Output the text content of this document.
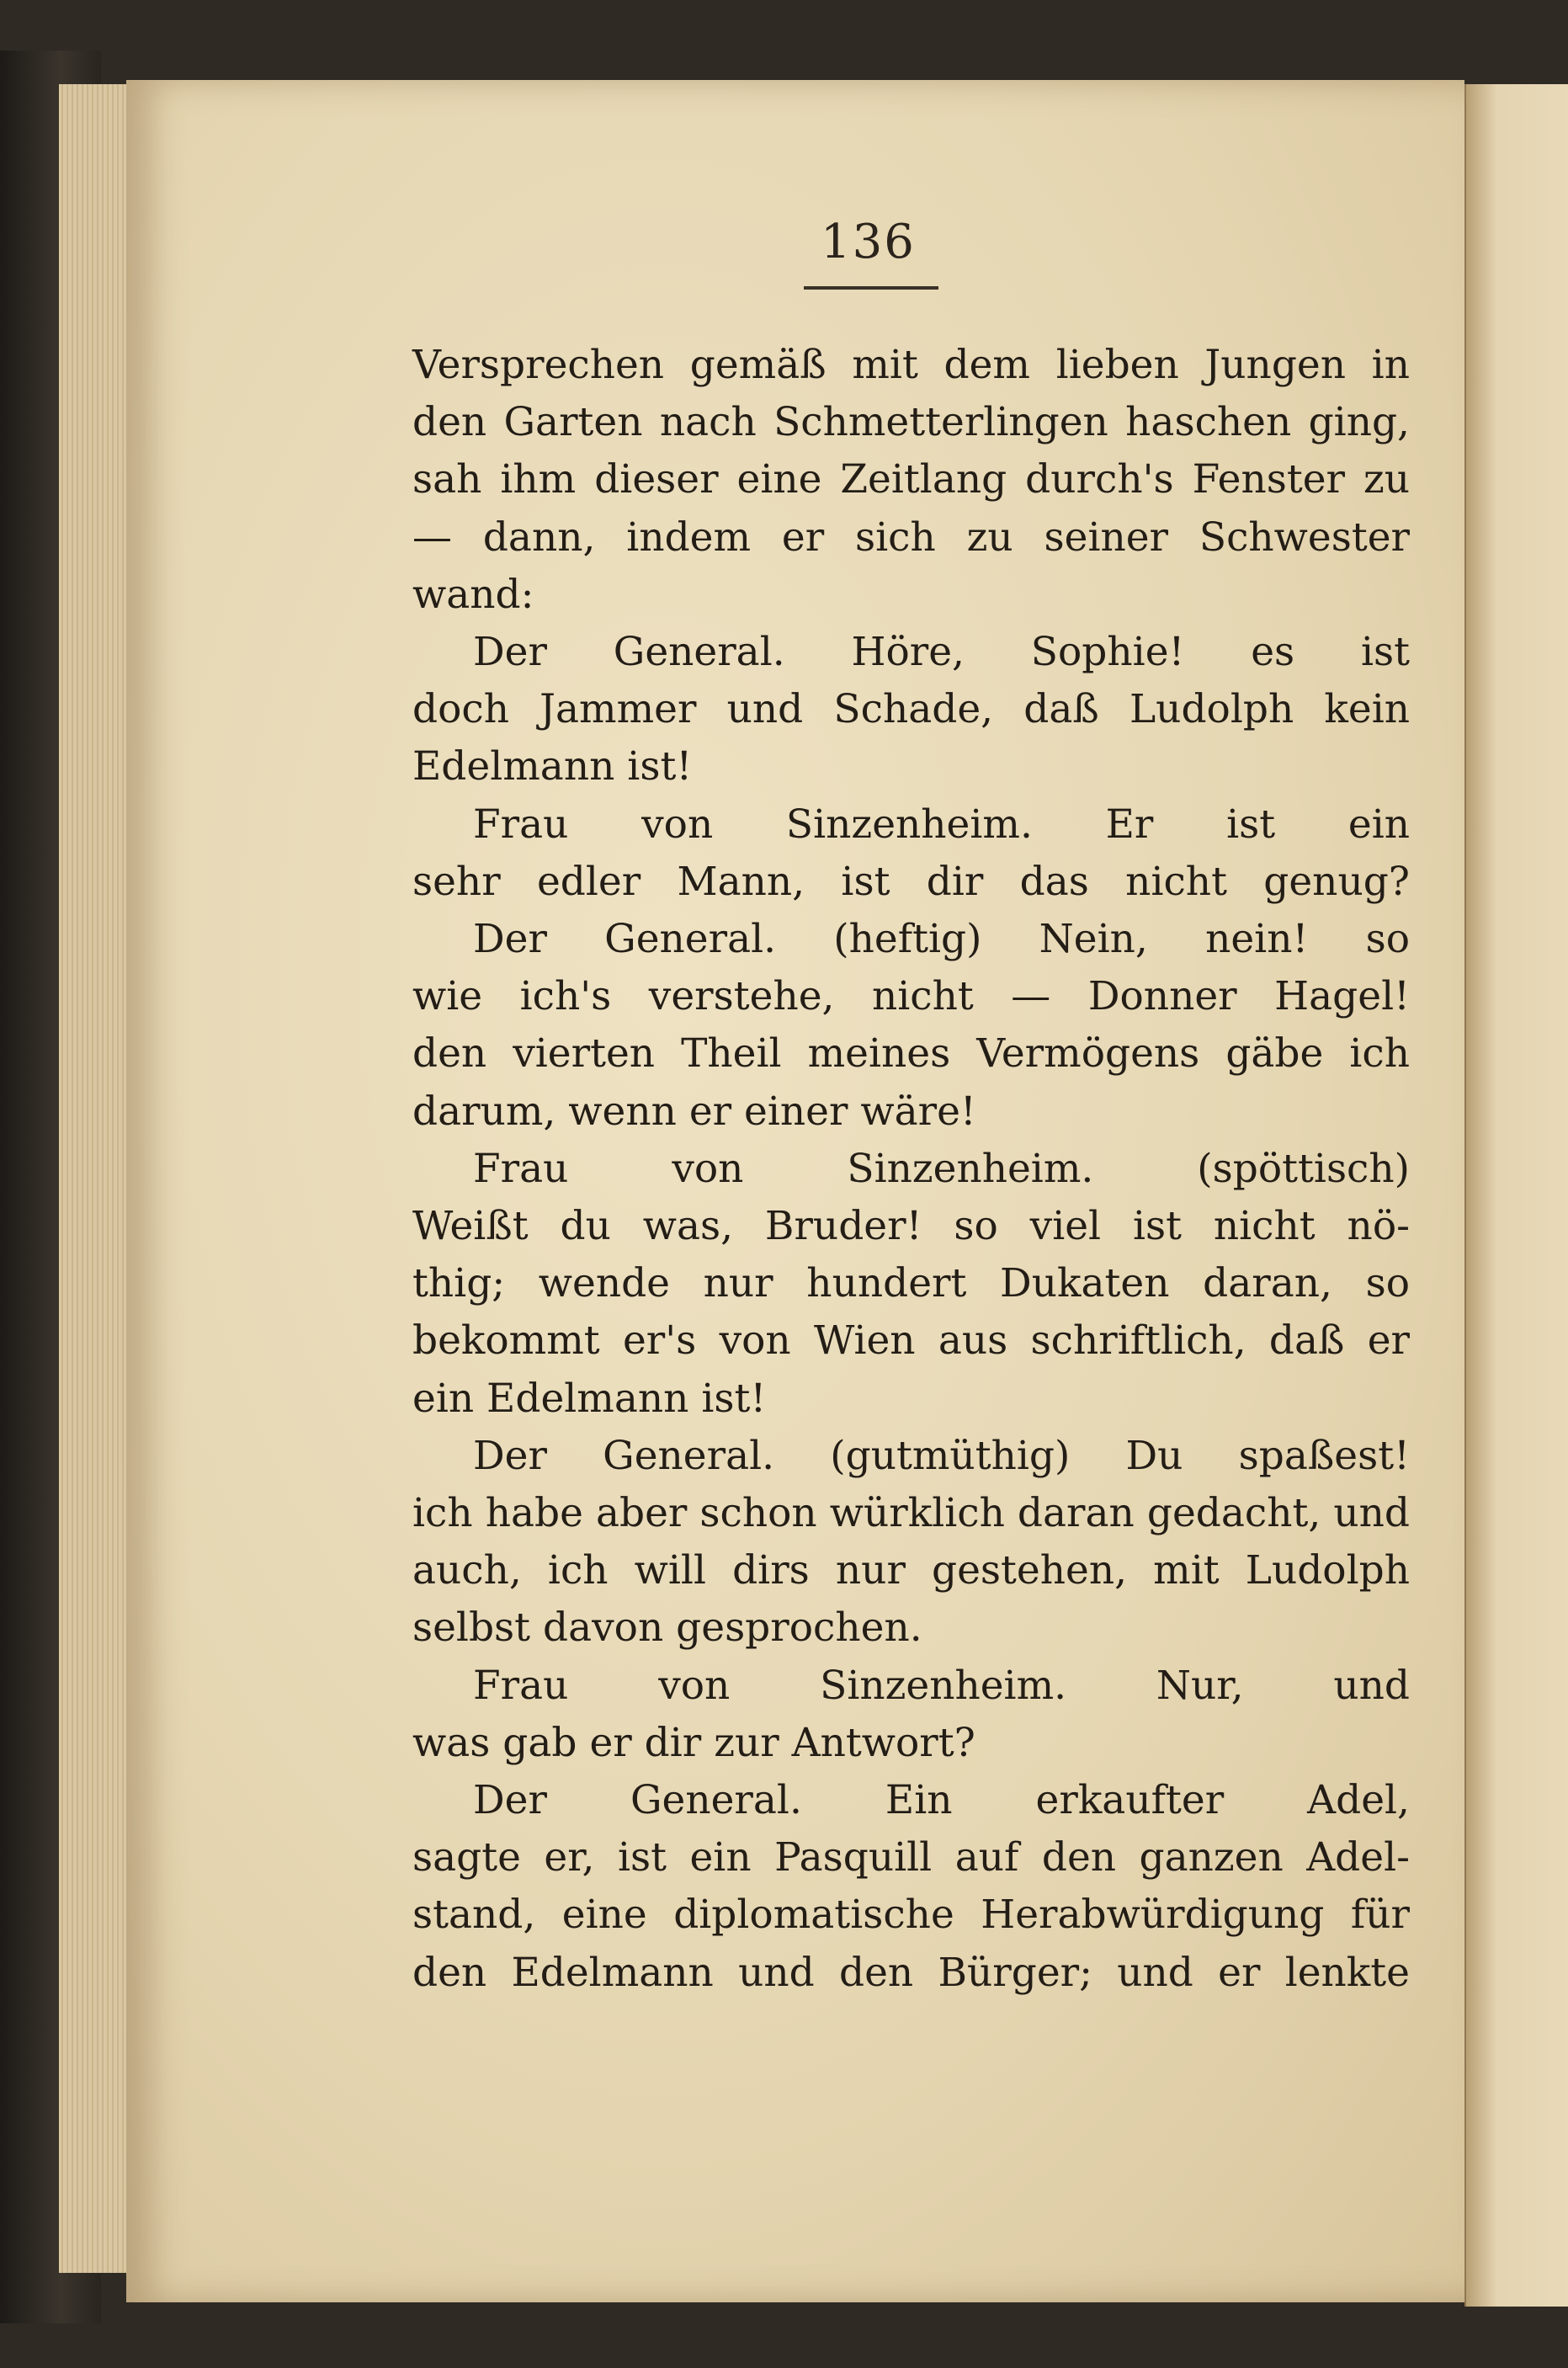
136
Versprechen gemäß mit dem lieben Jungen in
den Garten nach Schmetterlingen haschen ging,
sah ihm dieser eine Zeitlang durch's Fenster zu
— dann, indem er sich zu seiner Schwester
wand:
Der General. Höre, Sophie! es ist
doch Jammer und Schade, daß Ludolph kein
Edelmann ist!
Frau von Sinzenheim. Er ist ein
sehr edler Mann, ist dir das nicht genug?
Der General. (heftig) Nein, nein! so
wie ich's verstehe, nicht — Donner Hagel!
den vierten Theil meines Vermögens gäbe ich
darum, wenn er einer wäre!
Frau von Sinzenheim. (spöttisch)
Weißt du was, Bruder! so viel ist nicht nö-
thig; wende nur hundert Dukaten daran, so
bekommt er's von Wien aus schriftlich, daß er
ein Edelmann ist!
Der General. (gutmüthig) Du spaßest!
ich habe aber schon würklich daran gedacht, und
auch, ich will dirs nur gestehen, mit Ludolph
selbst davon gesprochen.
Frau von Sinzenheim. Nur, und
was gab er dir zur Antwort?
Der General. Ein erkaufter Adel,
sagte er, ist ein Pasquill auf den ganzen Adel-
stand, eine diplomatische Herabwürdigung für
den Edelmann und den Bürger; und er lenkte
